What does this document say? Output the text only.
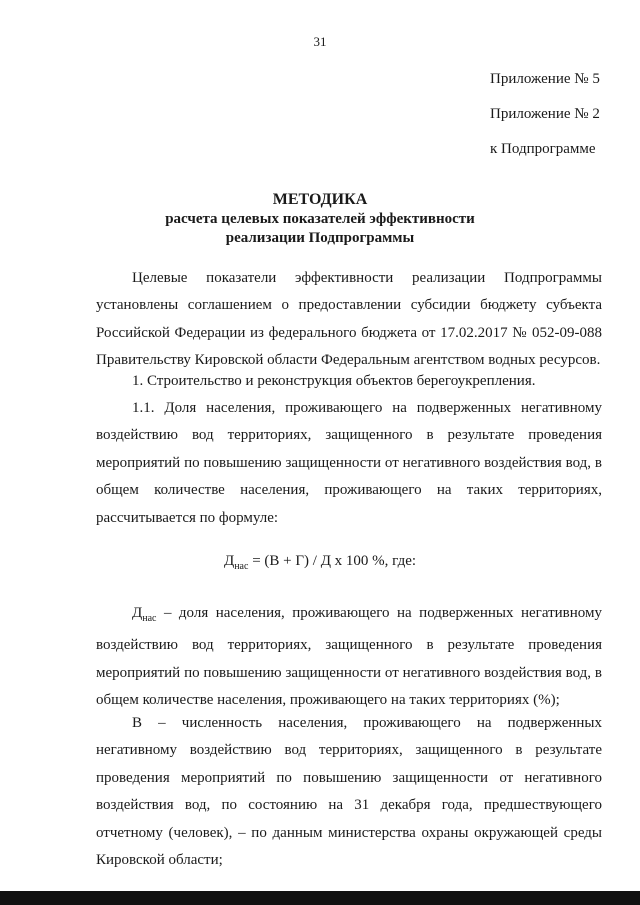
31
Приложение № 5
Приложение № 2
к Подпрограмме
МЕТОДИКА
расчета целевых показателей эффективности
реализации Подпрограммы

Целевые показатели эффективности реализации Подпрограммы установлены соглашением о предоставлении субсидии бюджету субъекта Российской Федерации из федерального бюджета от 17.02.2017 № 052-09-088 Правительству Кировской области Федеральным агентством водных ресурсов.

1. Строительство и реконструкция объектов берегоукрепления.

1.1. Доля населения, проживающего на подверженных негативному воздействию вод территориях, защищенного в результате проведения мероприятий по повышению защищенности от негативного воздействия вод, в общем количестве населения, проживающего на таких территориях, рассчитывается по формуле:

$Д_{нас} = (В + Г) / Д$ х 100 %, где:

$Д_{нас}$ – доля населения, проживающего на подверженных негативному воздействию вод территориях, защищенного в результате проведения мероприятий по повышению защищенности от негативного воздействия вод, в общем количестве населения, проживающего на таких территориях (%);

В – численность населения, проживающего на подверженных негативному воздействию вод территориях, защищенного в результате проведения мероприятий по повышению защищенности от негативного воздействия вод, по состоянию на 31 декабря года, предшествующего отчетному (человек), – по данным министерства охраны окружающей среды Кировской области;
